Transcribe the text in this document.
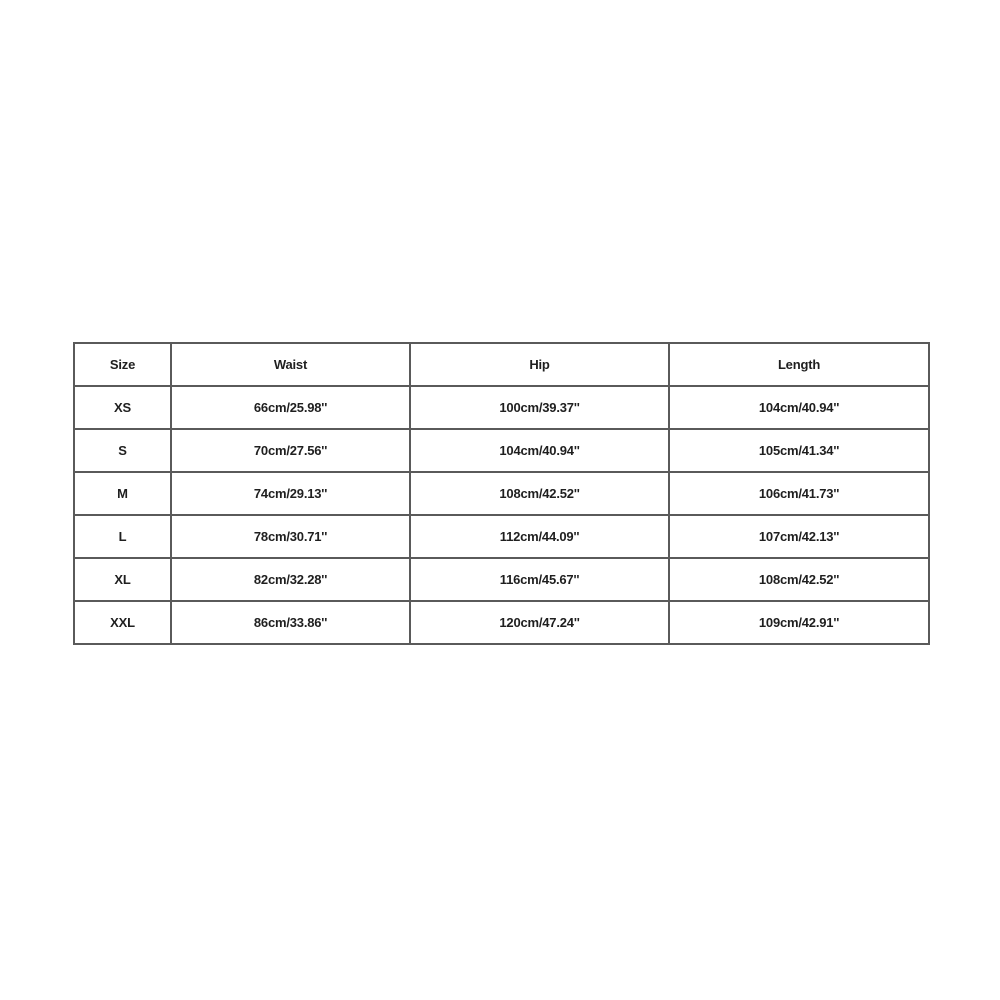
Size	Waist	Hip	Length
XS	66cm/25.98''	100cm/39.37''	104cm/40.94''
S	70cm/27.56''	104cm/40.94''	105cm/41.34''
M	74cm/29.13''	108cm/42.52''	106cm/41.73''
L	78cm/30.71''	112cm/44.09''	107cm/42.13''
XL	82cm/32.28''	116cm/45.67''	108cm/42.52''
XXL	86cm/33.86''	120cm/47.24''	109cm/42.91''
